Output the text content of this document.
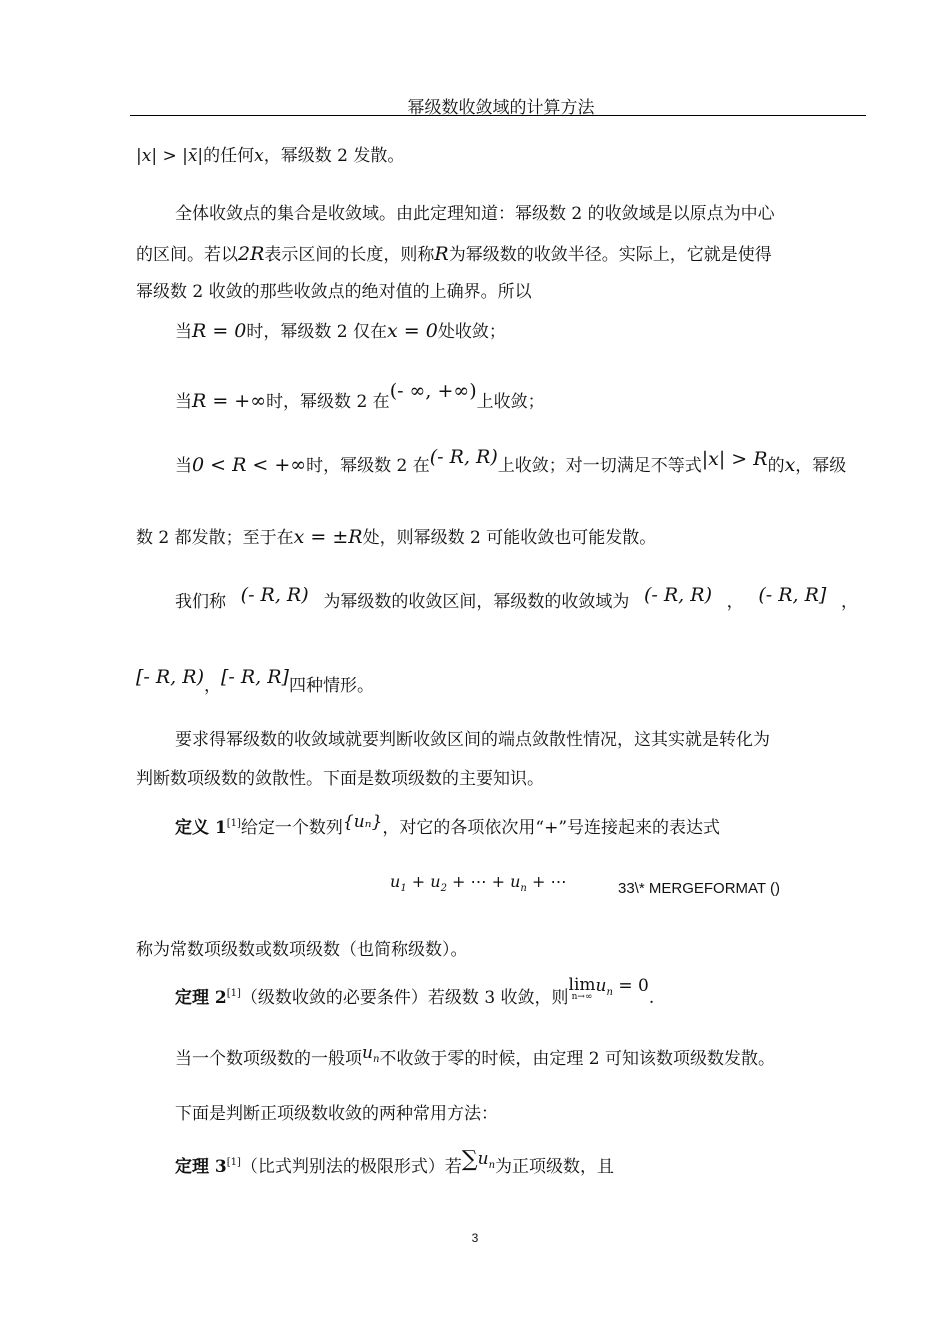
幂级数收敛域的计算方法
|x| > |x̄|的任何x，幂级数 2 发散。
全体收敛点的集合是收敛域。由此定理知道：幂级数 2 的收敛域是以原点为中心
的区间。若以2R表示区间的长度，则称R为幂级数的收敛半径。实际上，它就是使得
幂级数 2 收敛的那些收敛点的绝对值的上确界。所以
当R = 0时，幂级数 2 仅在x = 0处收敛；
当R = +∞时，幂级数 2 在(- ∞, +∞)上收敛；
当0 < R < +∞时，幂级数 2 在(- R, R)上收敛；对一切满足不等式|x| > R的x，幂级
数 2 都发散；至于在x = ±R处，则幂级数 2 可能收敛也可能发散。
我们称 (- R, R) 为幂级数的收敛区间，幂级数的收敛域为 (- R, R) ， (- R, R] ，
[- R, R)，[- R, R]四种情形。
要求得幂级数的收敛域就要判断收敛区间的端点敛散性情况，这其实就是转化为
判断数项级数的敛散性。下面是数项级数的主要知识。
定义 1[1]给定一个数列{uₙ}，对它的各项依次用“+”号连接起来的表达式
$u_1 + u_2$ + ⋯ + $u_n$ + ⋯	33\* MERGEFORMAT ()
称为常数项级数或数项级数（也简称级数）。
定理 2[1]（级数收敛的必要条件）若级数 3 收敛，则lim
n→∞
$u^n = 0$.
当一个数项级数的一般项un不收敛于零的时候，由定理 2 可知该数项级数发散。
下面是判断正项级数收敛的两种常用方法：
定理 3[1]（比式判别法的极限形式）若$\sum u^n$为正项级数，且
3
